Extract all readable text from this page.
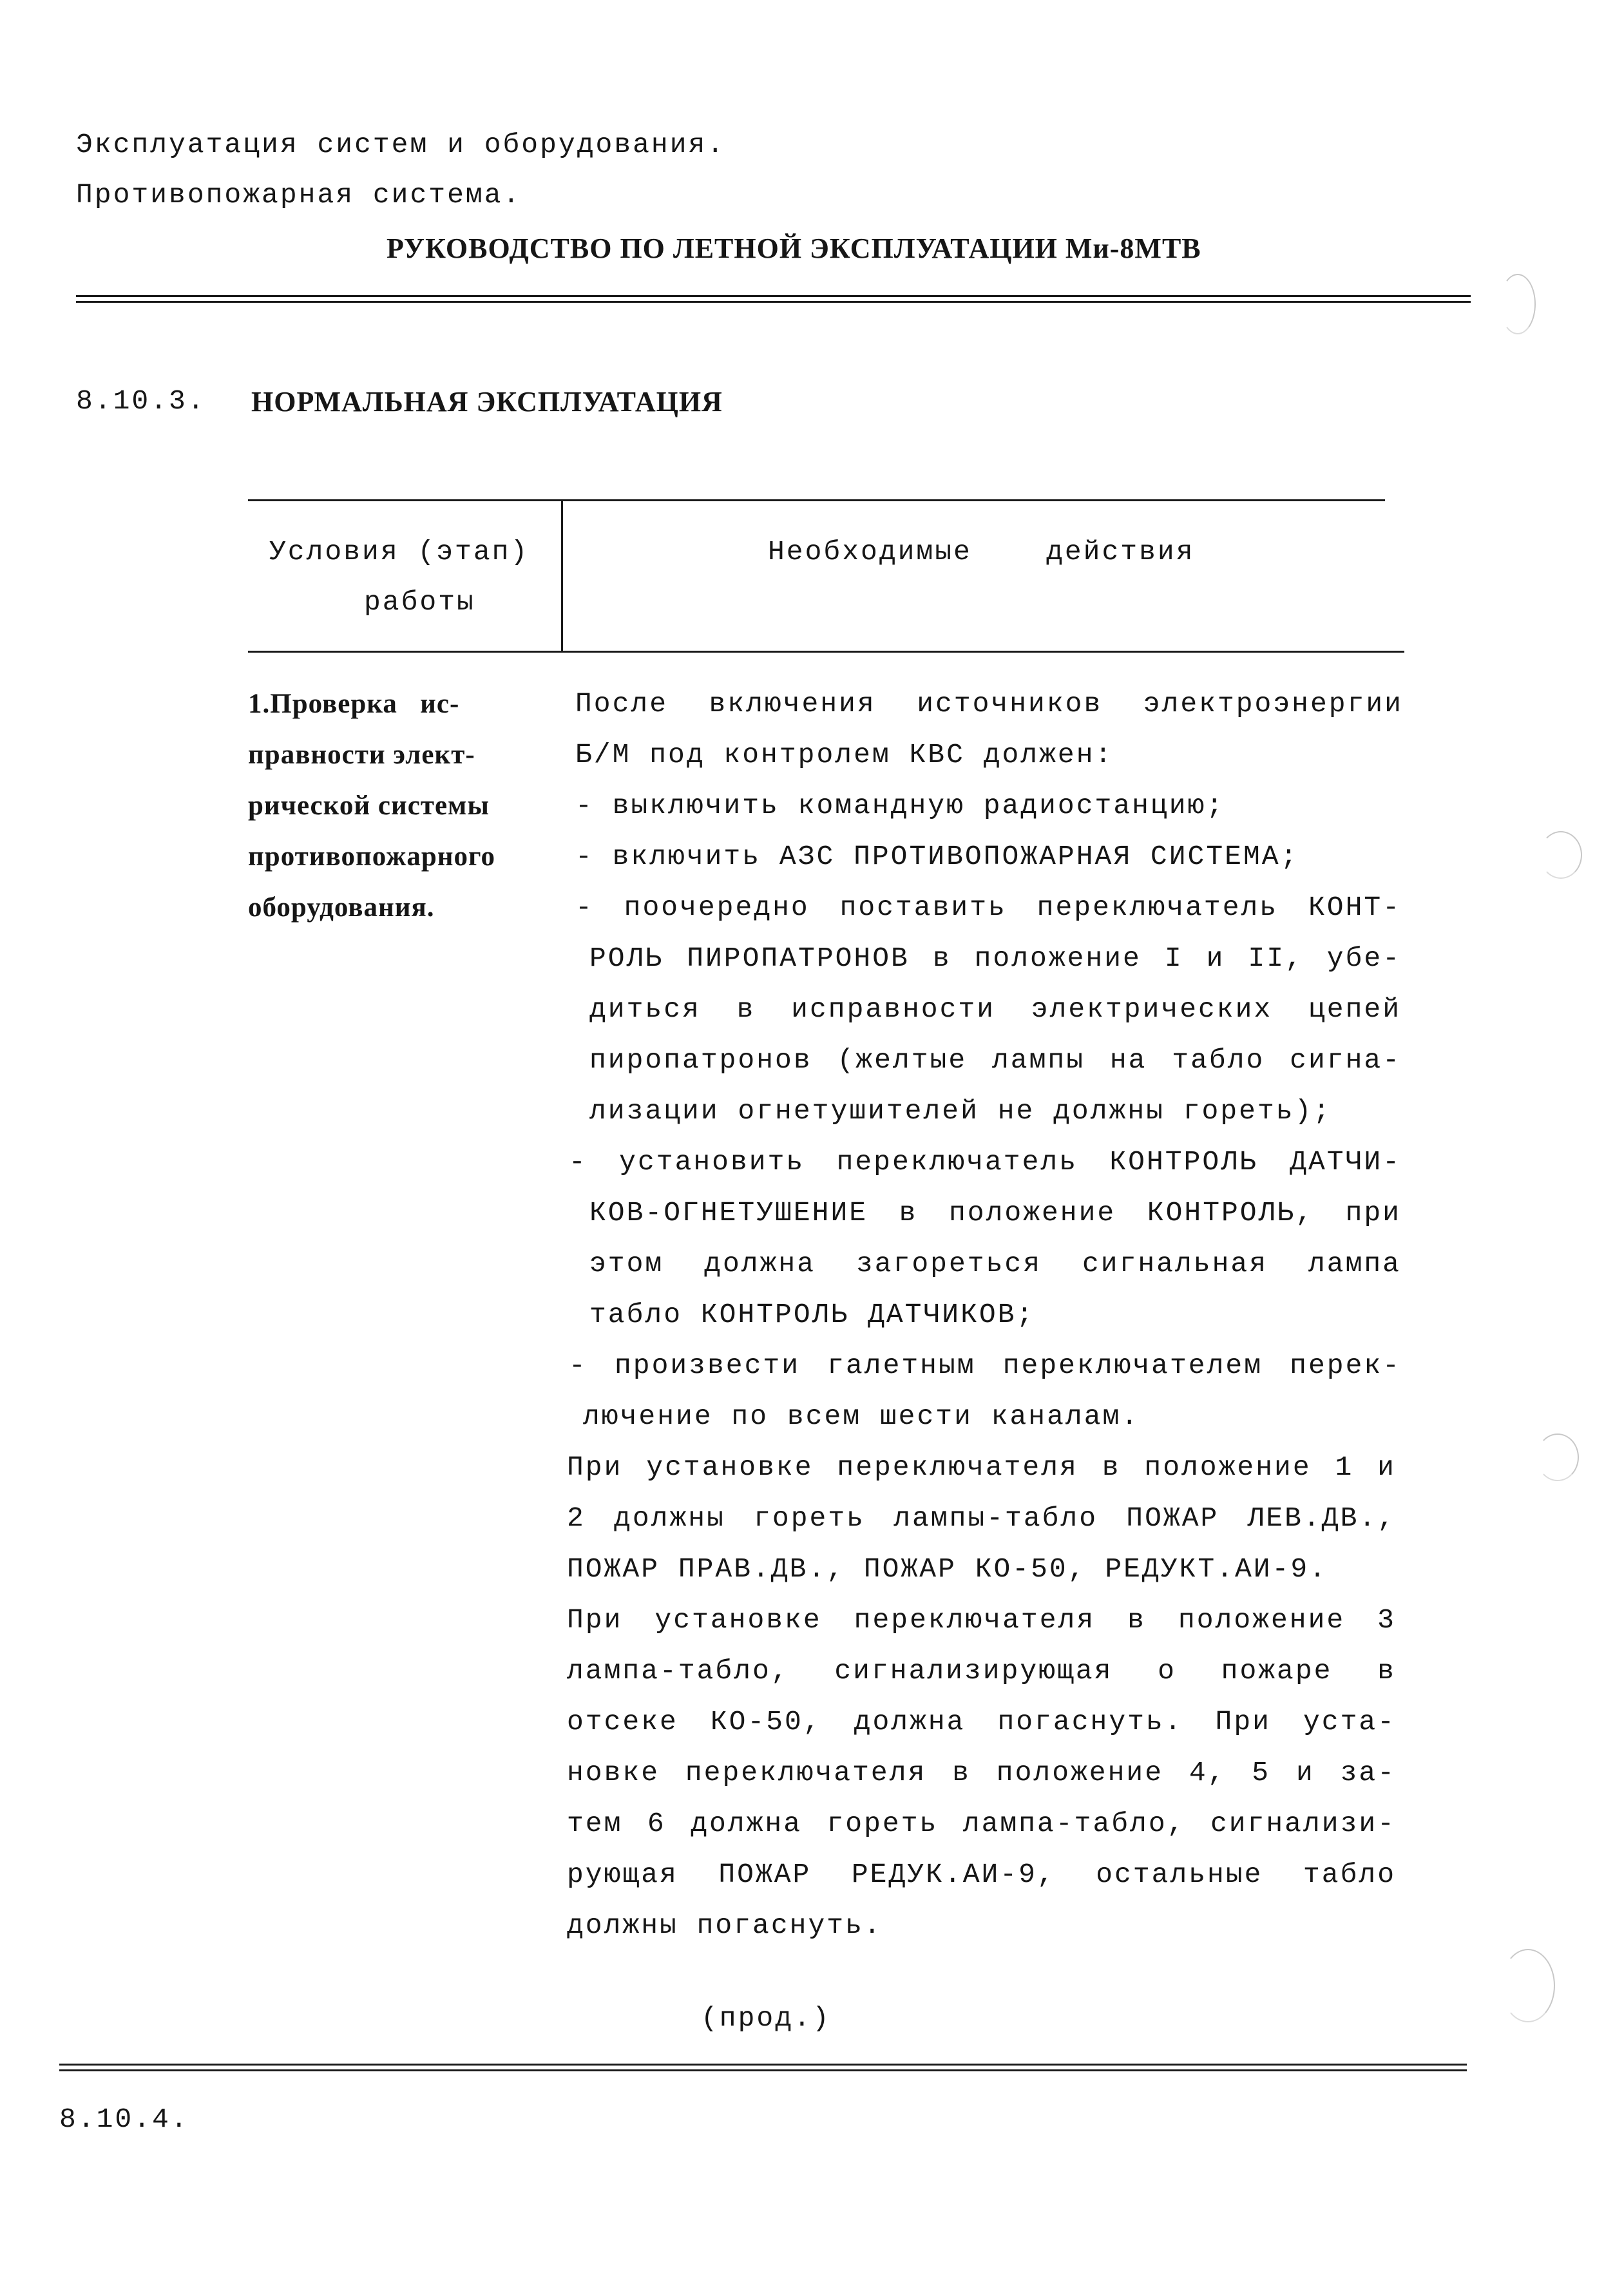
Эксплуатация систем и оборудования.
Противопожарная система.
РУКОВОДСТВО ПО ЛЕТНОЙ ЭКСПЛУАТАЦИИ Ми-8МТВ
8.10.3. НОРМАЛЬНАЯ ЭКСПЛУАТАЦИЯ
Условия (этап)
работы
Необходимые    действия
1.Проверка   ис-
правности элект-
рической системы
противопожарного
оборудования.
После включения источников электроэнергии
Б/М под контролем КВС должен:
- выключить командную радиостанцию;
- включить АЗС ПРОТИВОПОЖАРНАЯ СИСТЕМА;
- поочередно поставить переключатель КОНТ-
РОЛЬ ПИРОПАТРОНОВ в положение I и II, убе-
диться в исправности электрических цепей
пиропатронов (желтые лампы на табло сигна-
лизации огнетушителей не должны гореть);
- установить переключатель КОНТРОЛЬ ДАТЧИ-
КОВ-ОГНЕТУШЕНИЕ в положение КОНТРОЛЬ, при
этом должна загореться сигнальная лампа
табло КОНТРОЛЬ ДАТЧИКОВ;
- произвести галетным переключателем перек-
лючение по всем шести каналам.
При установке переключателя в положение 1 и
2 должны гореть лампы-табло ПОЖАР ЛЕВ.ДВ.,
ПОЖАР ПРАВ.ДВ., ПОЖАР КО-50, РЕДУКТ.АИ-9.
При установке переключателя в положение 3
лампа-табло, сигнализирующая о пожаре в
отсеке КО-50, должна погаснуть. При уста-
новке переключателя в положение 4, 5 и за-
тем 6 должна гореть лампа-табло, сигнализи-
рующая ПОЖАР РЕДУК.АИ-9, остальные табло
должны погаснуть.
(прод.)
8.10.4.
